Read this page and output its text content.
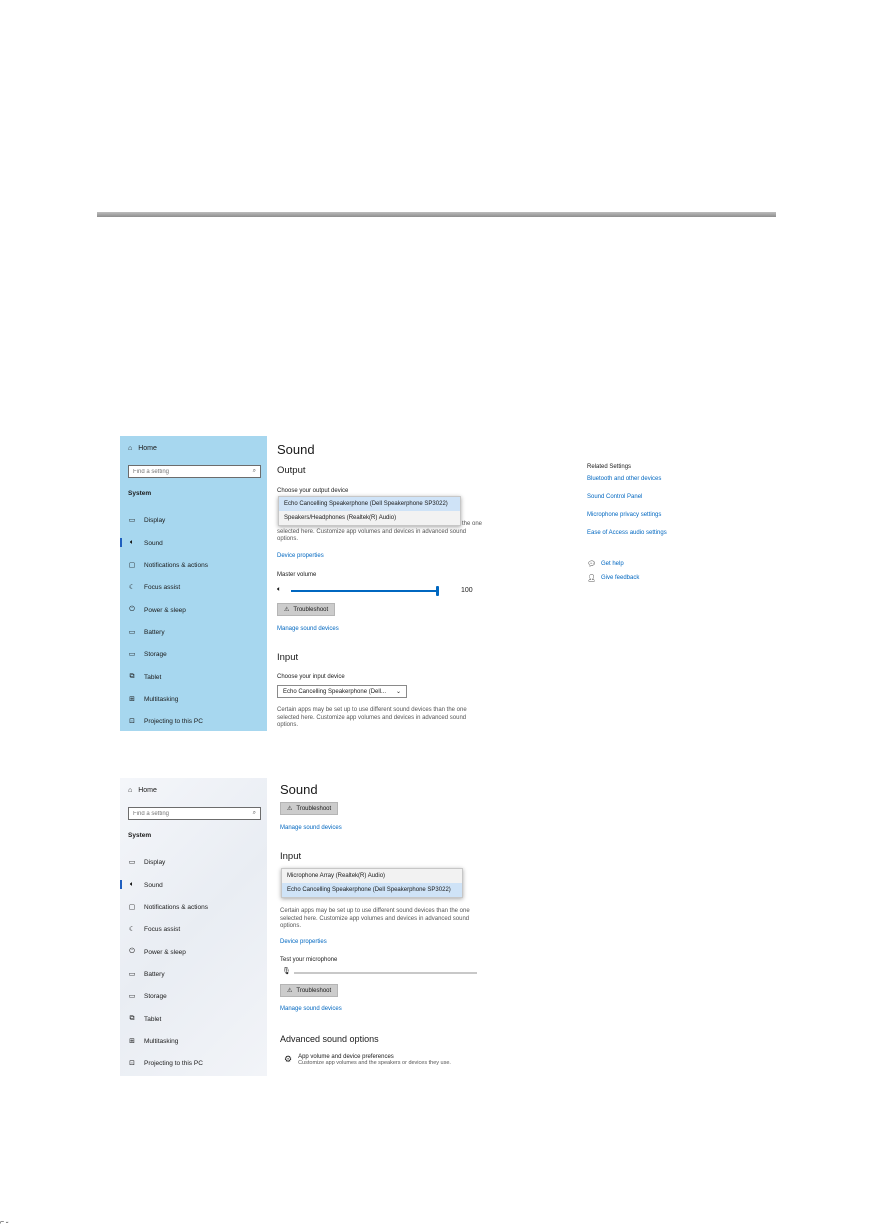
⌂ Home
Find a setting
⌕
System
▭ Display
🔈︎ Sound
▢ Notifications & actions
☾ Focus assist
⏻ Power & sleep
▭ Battery
▭ Storage
⧉ Tablet
⊞ Multitasking
⊡ Projecting to this PC
Sound
Output
Choose your output device
the one
selected here. Customize app volumes and devices in advanced sound options.
Echo Cancelling Speakerphone (Dell Speakerphone SP3022)
Speakers/Headphones (Realtek(R) Audio)
Device properties
Master volume
🔈︎	100
⚠ Troubleshoot
Manage sound devices
Input
Choose your input device
Echo Cancelling Speakerphone (Dell... ⌄
Certain apps may be set up to use different sound devices than the one selected here. Customize app volumes and devices in advanced sound options.
Related Settings
Bluetooth and other devices
Sound Control Panel
Microphone privacy settings
Ease of Access audio settings
💬︎ Get help
👤︎ Give feedback
⌂ Home
Find a setting
⌕
System
▭ Display
🔈︎ Sound
▢ Notifications & actions
☾ Focus assist
⏻ Power & sleep
▭ Battery
▭ Storage
⧉ Tablet
⊞ Multitasking
⊡ Projecting to this PC
Sound
⚠ Troubleshoot
Manage sound devices
Input
Microphone Array (Realtek(R) Audio)
Echo Cancelling Speakerphone (Dell Speakerphone SP3022)
Certain apps may be set up to use different sound devices than the one selected here. Customize app volumes and devices in advanced sound options.
Device properties
Test your microphone
🎙︎
⚠ Troubleshoot
Manage sound devices
Advanced sound options
⚙︎ App volume and device preferences
Customize app volumes and the speakers or devices they use.
⌐ ˶
